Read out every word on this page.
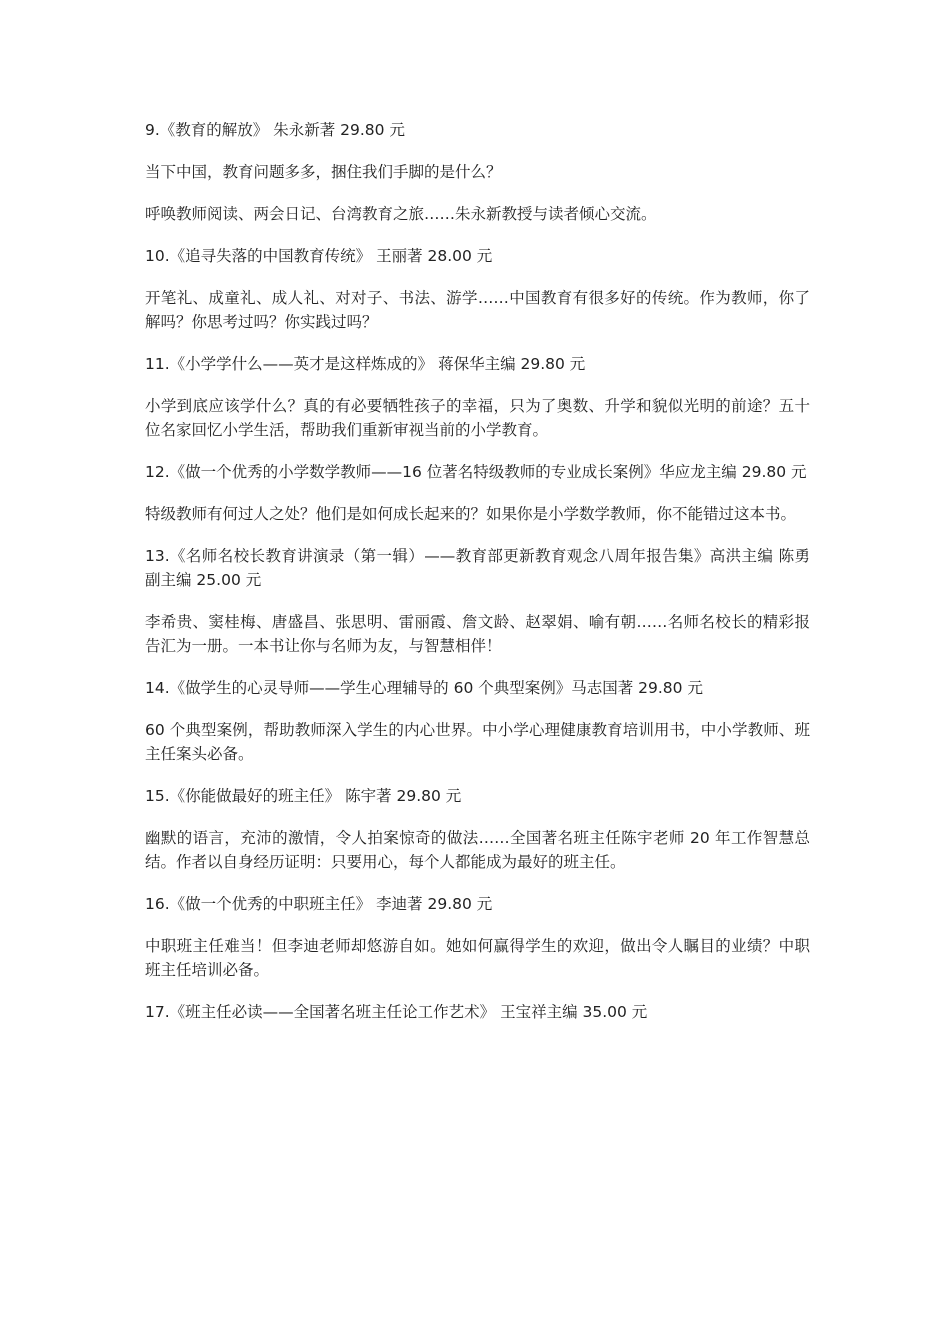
9.《教育的解放》 朱永新著 29.80 元

当下中国，教育问题多多，捆住我们手脚的是什么？

呼唤教师阅读、两会日记、台湾教育之旅……朱永新教授与读者倾心交流。

10.《追寻失落的中国教育传统》 王丽著 28.00 元

开笔礼、成童礼、成人礼、对对子、书法、游学……中国教育有很多好的传统。作为教师，你了解吗？你思考过吗？你实践过吗？

11.《小学学什么——英才是这样炼成的》 蒋保华主编 29.80 元

小学到底应该学什么？真的有必要牺牲孩子的幸福，只为了奥数、升学和貌似光明的前途？五十位名家回忆小学生活，帮助我们重新审视当前的小学教育。

12.《做一个优秀的小学数学教师——16 位著名特级教师的专业成长案例》华应龙主编 29.80 元

特级教师有何过人之处？他们是如何成长起来的？如果你是小学数学教师，你不能错过这本书。

13.《名师名校长教育讲演录（第一辑）——教育部更新教育观念八周年报告集》高洪主编 陈勇副主编 25.00 元

李希贵、窦桂梅、唐盛昌、张思明、雷丽霞、詹文龄、赵翠娟、喻有朝……名师名校长的精彩报告汇为一册。一本书让你与名师为友，与智慧相伴！

14.《做学生的心灵导师——学生心理辅导的 60 个典型案例》马志国著 29.80 元

60 个典型案例，帮助教师深入学生的内心世界。中小学心理健康教育培训用书，中小学教师、班主任案头必备。

15.《你能做最好的班主任》 陈宇著 29.80 元

幽默的语言，充沛的激情，令人拍案惊奇的做法……全国著名班主任陈宇老师 20 年工作智慧总结。作者以自身经历证明：只要用心，每个人都能成为最好的班主任。

16.《做一个优秀的中职班主任》 李迪著 29.80 元

中职班主任难当！但李迪老师却悠游自如。她如何赢得学生的欢迎，做出令人瞩目的业绩？中职班主任培训必备。

17.《班主任必读——全国著名班主任论工作艺术》 王宝祥主编 35.00 元
